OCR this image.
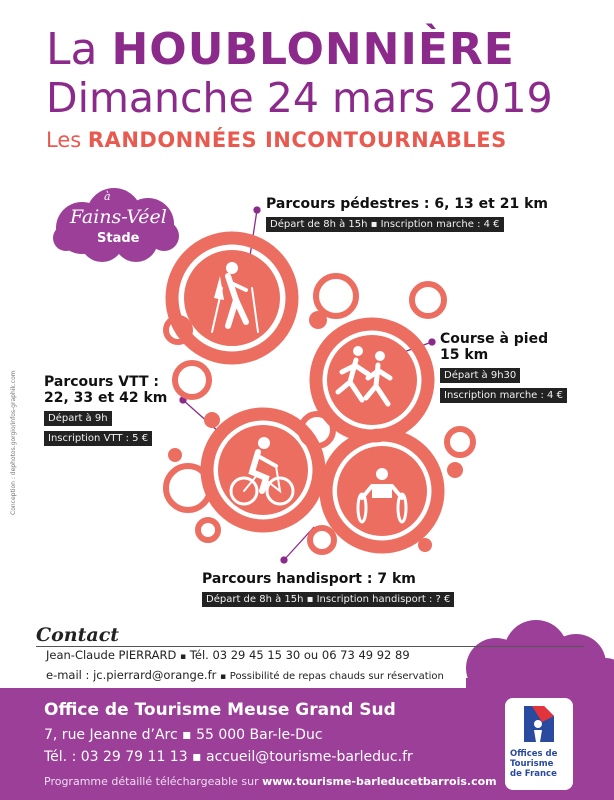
La HOUBLONNIÈRE
Dimanche 24 mars 2019
Les RANDONNÉES INCONTOURNABLES
à
Fains-Véel
Stade
Parcours pédestres : 6, 13 et 21 km
Départ de 8h à 15h ▪ Inscription marche : 4 €
Course à pied
15 km
Départ à 9h30
Inscription marche : 4 €
Parcours VTT :
22, 33 et 42 km
Départ à 9h
Inscription VTT : 5 €
Parcours handisport : 7 km
Départ de 8h à 15h ▪ Inscription handisport : ? €
Conception : dephotos.gorgio/infos-graphik.com
Contact
Jean-Claude PIERRARD ▪ Tél. 03 29 45 15 30 ou 06 73 49 92 89
e-mail : jc.pierrard@orange.fr ▪ Possibilité de repas chauds sur réservation
Office de Tourisme Meuse Grand Sud
7, rue Jeanne d’Arc ▪ 55 000 Bar-le-Duc
Tél. : 03 29 79 11 13 ▪ accueil@tourisme-barleduc.fr
Programme détaillé téléchargeable sur www.tourisme-barleducetbarrois.com
Offices de
Tourisme
de France
